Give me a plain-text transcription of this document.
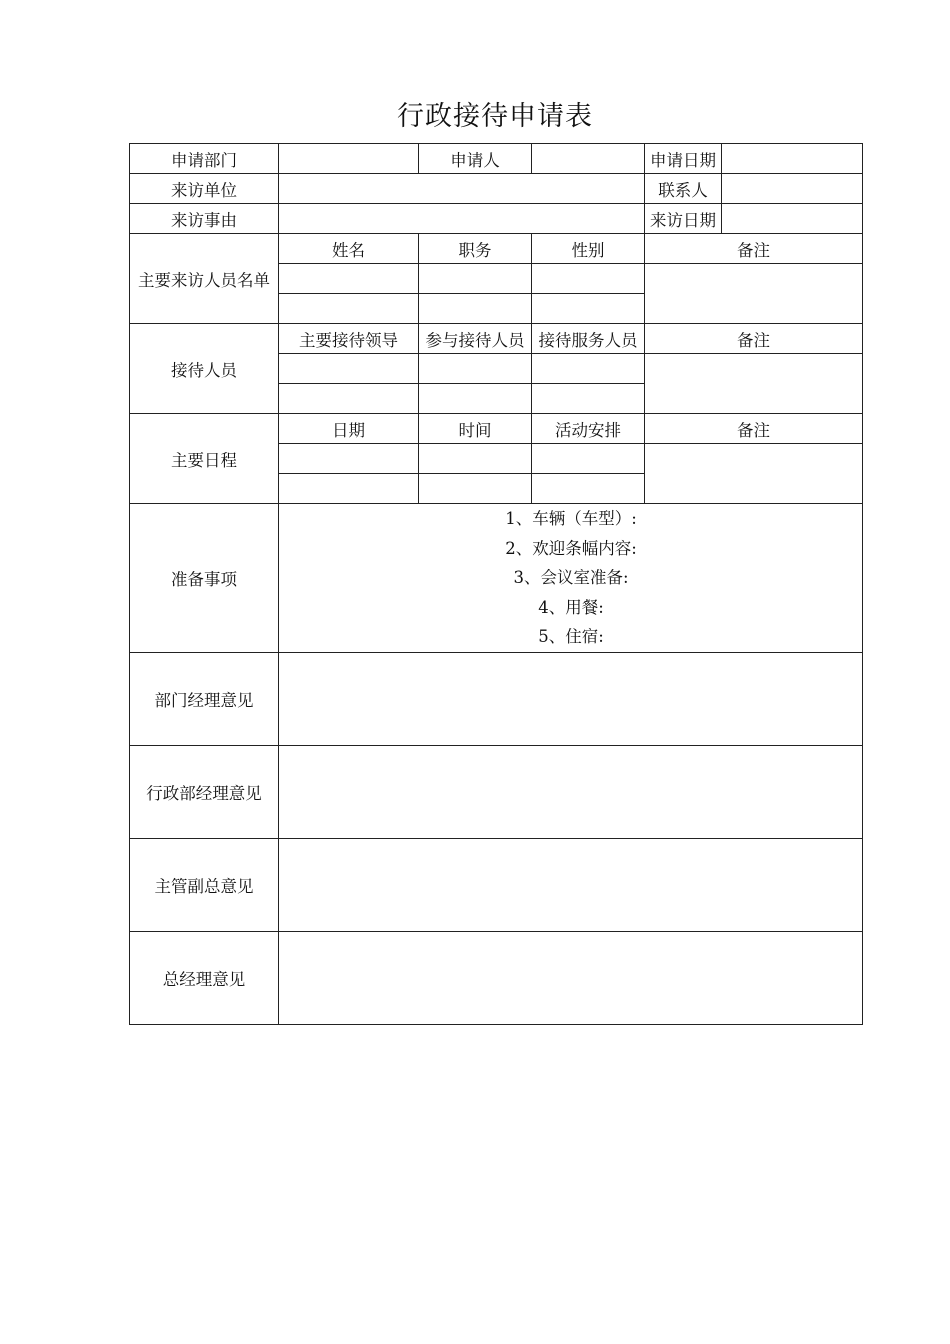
行政接待申请表
申请部门		申请人		申请日期	
来访单位				联系人	
来访事由				来访日期	
主要来访人员名单	姓名	职务	性别	备注	

接待人员	主要接待领导	参与接待人员	接待服务人员	备注	

主要日程	日期	时间	活动安排	备注	

准备事项	1、车辆（车型）:
2、欢迎条幅内容:
3、会议室准备:
4、用餐:
5、住宿:				

部门经理意见					
行政部经理意见					
主管副总意见					
总经理意见					
